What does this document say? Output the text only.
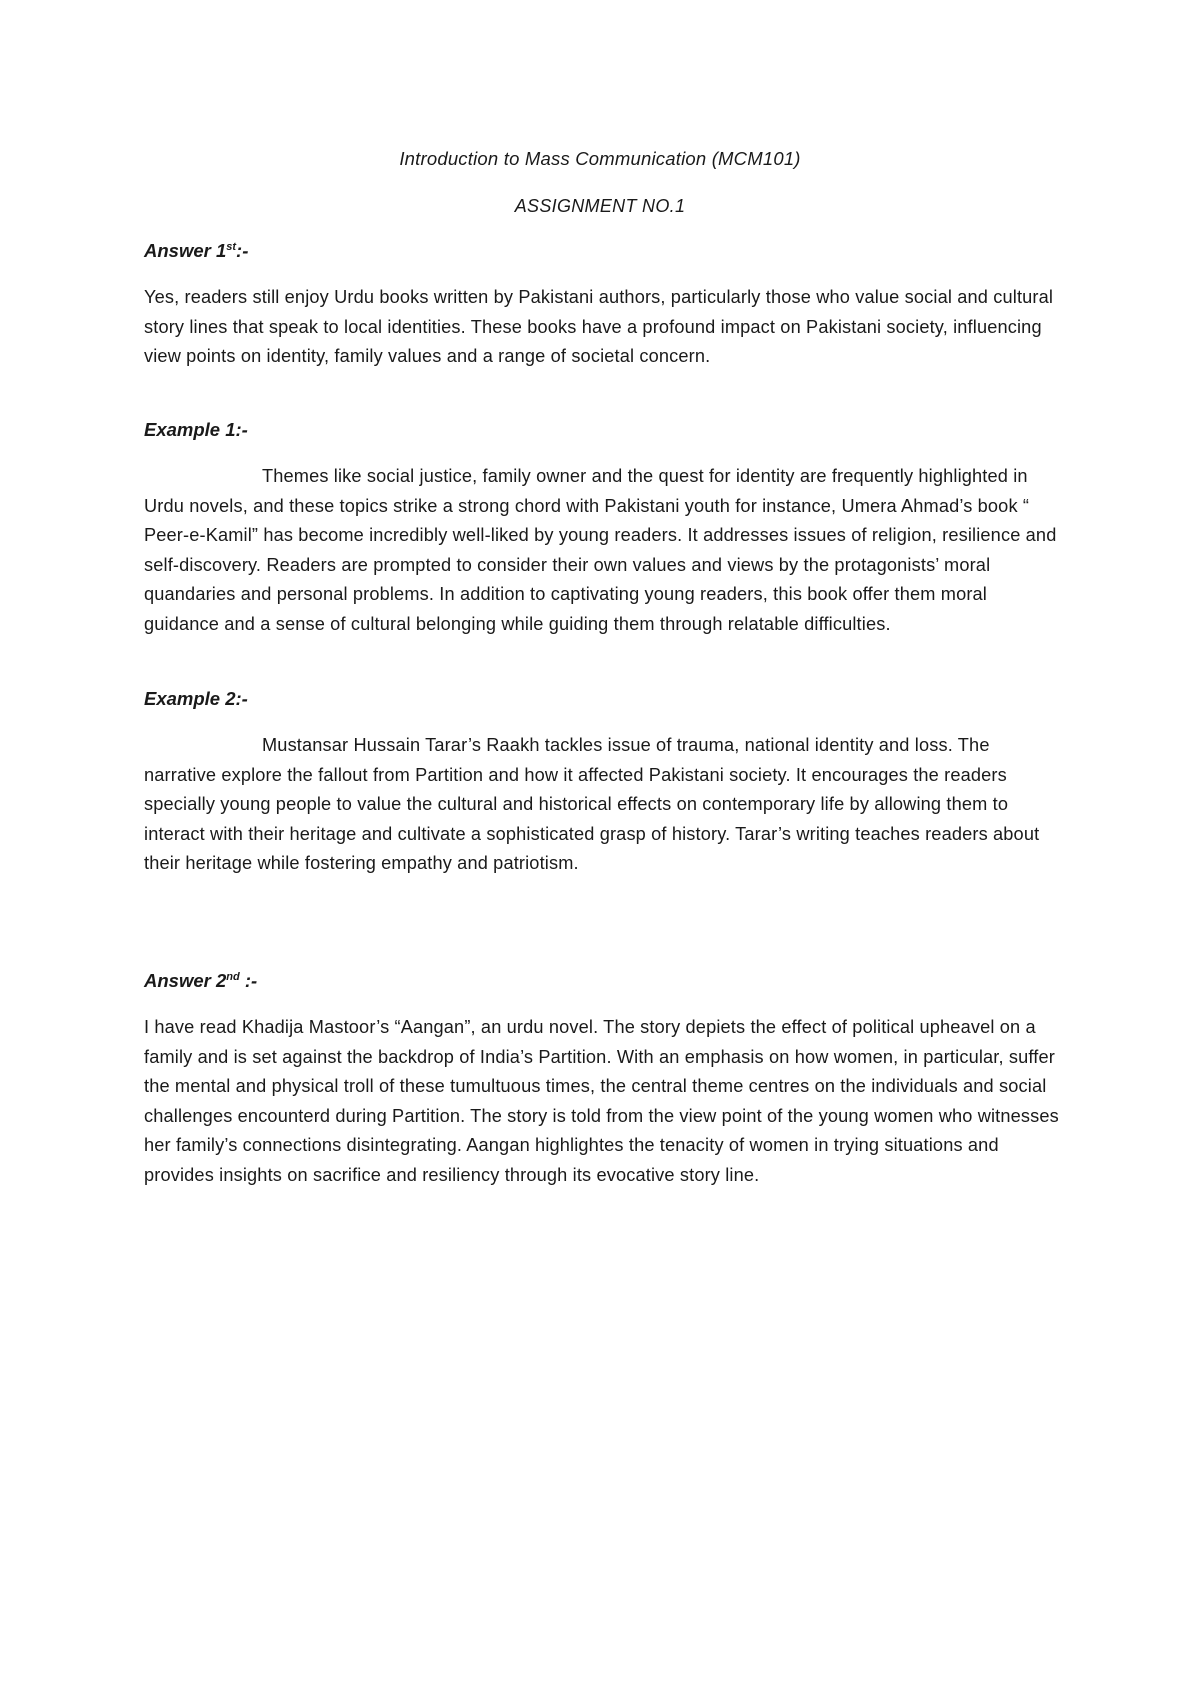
Introduction to Mass Communication (MCM101)
ASSIGNMENT NO.1

Answer 1st:-

Yes, readers still enjoy Urdu books written by Pakistani authors, particularly those who value social and cultural story lines that speak to local identities. These books have a profound impact on Pakistani society, influencing view points on identity, family values and a range of societal concern.

Example 1:-

Themes like social justice, family owner and the quest for identity are frequently highlighted in Urdu novels, and these topics strike a strong chord with Pakistani youth for instance, Umera Ahmad’s book “ Peer-e-Kamil” has become incredibly well-liked by young readers. It addresses issues of religion, resilience and self-discovery. Readers are prompted to consider their own values and views by the protagonists’ moral quandaries and personal problems. In addition to captivating young readers, this book offer them moral guidance and a sense of cultural belonging while guiding them through relatable difficulties.

Example 2:-

Mustansar Hussain Tarar’s Raakh tackles issue of trauma, national identity and loss. The narrative explore the fallout from Partition and how it affected Pakistani society. It encourages the readers specially young people to value the cultural and historical effects on contemporary life by allowing them to interact with their heritage and cultivate a sophisticated grasp of history. Tarar’s writing teaches readers about their heritage while fostering empathy and patriotism.

Answer 2nd :-

I have read Khadija Mastoor’s “Aangan”, an urdu novel. The story depiets the effect of political upheavel on a family and is set against the backdrop of India’s Partition. With an emphasis on how women, in particular, suffer the mental and physical troll of these tumultuous times, the central theme centres on the individuals and social challenges encounterd during Partition. The story is told from the view point of the young women who witnesses her family’s connections disintegrating. Aangan highlightes the tenacity of women in trying situations and provides insights on sacrifice and resiliency through its evocative story line.
